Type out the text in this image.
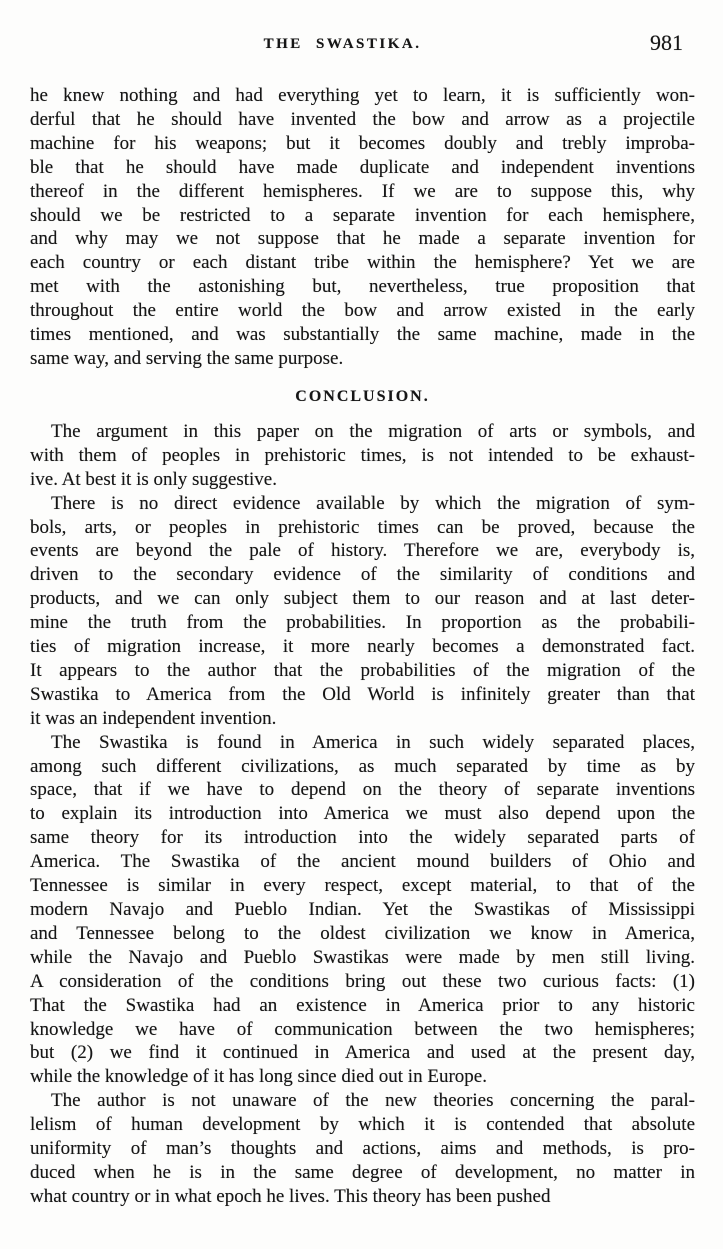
THE SWASTIKA.	981
he knew nothing and had everything yet to learn, it is sufficiently won-
derful that he should have invented the bow and arrow as a projectile
machine for his weapons; but it becomes doubly and trebly improba-
ble that he should have made duplicate and independent inventions
thereof in the different hemispheres. If we are to suppose this, why
should we be restricted to a separate invention for each hemisphere,
and why may we not suppose that he made a separate invention for
each country or each distant tribe within the hemisphere? Yet we are
met with the astonishing but, nevertheless, true proposition that
throughout the entire world the bow and arrow existed in the early
times mentioned, and was substantially the same machine, made in the
same way, and serving the same purpose.
CONCLUSION.
The argument in this paper on the migration of arts or symbols, and
with them of peoples in prehistoric times, is not intended to be exhaust-
ive. At best it is only suggestive.
There is no direct evidence available by which the migration of sym-
bols, arts, or peoples in prehistoric times can be proved, because the
events are beyond the pale of history. Therefore we are, everybody is,
driven to the secondary evidence of the similarity of conditions and
products, and we can only subject them to our reason and at last deter-
mine the truth from the probabilities. In proportion as the probabili-
ties of migration increase, it more nearly becomes a demonstrated fact.
It appears to the author that the probabilities of the migration of the
Swastika to America from the Old World is infinitely greater than that
it was an independent invention.
The Swastika is found in America in such widely separated places,
among such different civilizations, as much separated by time as by
space, that if we have to depend on the theory of separate inventions
to explain its introduction into America we must also depend upon the
same theory for its introduction into the widely separated parts of
America. The Swastika of the ancient mound builders of Ohio and
Tennessee is similar in every respect, except material, to that of the
modern Navajo and Pueblo Indian. Yet the Swastikas of Mississippi
and Tennessee belong to the oldest civilization we know in America,
while the Navajo and Pueblo Swastikas were made by men still living.
A consideration of the conditions bring out these two curious facts: (1)
That the Swastika had an existence in America prior to any historic
knowledge we have of communication between the two hemispheres;
but (2) we find it continued in America and used at the present day,
while the knowledge of it has long since died out in Europe.
The author is not unaware of the new theories concerning the paral-
lelism of human development by which it is contended that absolute
uniformity of man’s thoughts and actions, aims and methods, is pro-
duced when he is in the same degree of development, no matter in
what country or in what epoch he lives. This theory has been pushed
